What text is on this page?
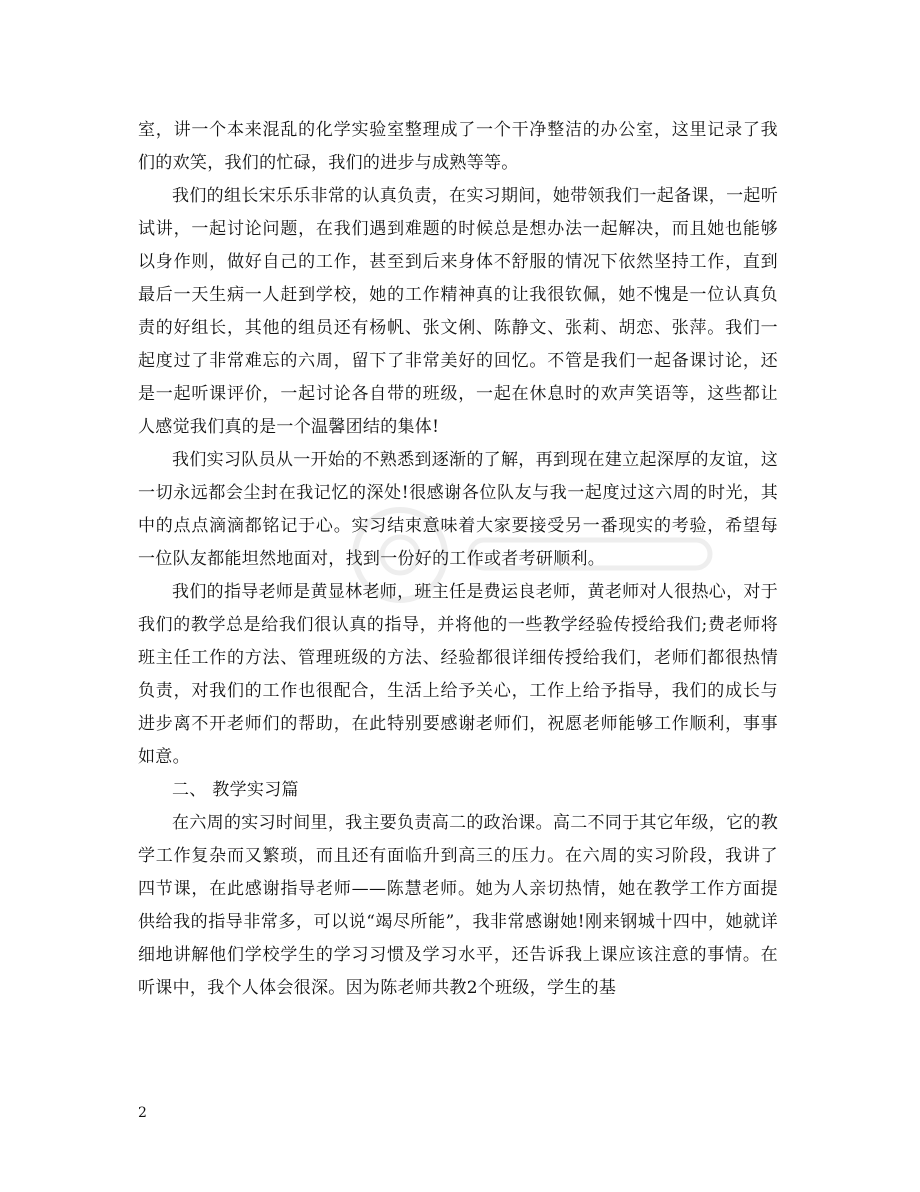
室，讲一个本来混乱的化学实验室整理成了一个干净整洁的办公室，这里记录了我们的欢笑，我们的忙碌，我们的进步与成熟等等。

我们的组长宋乐乐非常的认真负责，在实习期间，她带领我们一起备课，一起听试讲，一起讨论问题，在我们遇到难题的时候总是想办法一起解决，而且她也能够以身作则，做好自己的工作，甚至到后来身体不舒服的情况下依然坚持工作，直到最后一天生病一人赶到学校，她的工作精神真的让我很钦佩，她不愧是一位认真负责的好组长，其他的组员还有杨帆、张文俐、陈静文、张莉、胡恋、张萍。我们一起度过了非常难忘的六周，留下了非常美好的回忆。不管是我们一起备课讨论，还是一起听课评价，一起讨论各自带的班级，一起在休息时的欢声笑语等，这些都让人感觉我们真的是一个温馨团结的集体!

我们实习队员从一开始的不熟悉到逐渐的了解，再到现在建立起深厚的友谊，这一切永远都会尘封在我记忆的深处!很感谢各位队友与我一起度过这六周的时光，其中的点点滴滴都铭记于心。实习结束意味着大家要接受另一番现实的考验，希望每一位队友都能坦然地面对，找到一份好的工作或者考研顺利。

我们的指导老师是黄显林老师，班主任是费运良老师，黄老师对人很热心，对于我们的教学总是给我们很认真的指导，并将他的一些教学经验传授给我们;费老师将班主任工作的方法、管理班级的方法、经验都很详细传授给我们，老师们都很热情负责，对我们的工作也很配合，生活上给予关心，工作上给予指导，我们的成长与进步离不开老师们的帮助，在此特别要感谢老师们，祝愿老师能够工作顺利，事事如意。

二、 教学实习篇

在六周的实习时间里，我主要负责高二的政治课。高二不同于其它年级，它的教学工作复杂而又繁琐，而且还有面临升到高三的压力。在六周的实习阶段，我讲了四节课，在此感谢指导老师——陈慧老师。她为人亲切热情，她在教学工作方面提供给我的指导非常多，可以说“竭尽所能”，我非常感谢她!刚来钢城十四中，她就详细地讲解他们学校学生的学习习惯及学习水平，还告诉我上课应该注意的事情。在听课中，我个人体会很深。因为陈老师共教2个班级，学生的基

2
